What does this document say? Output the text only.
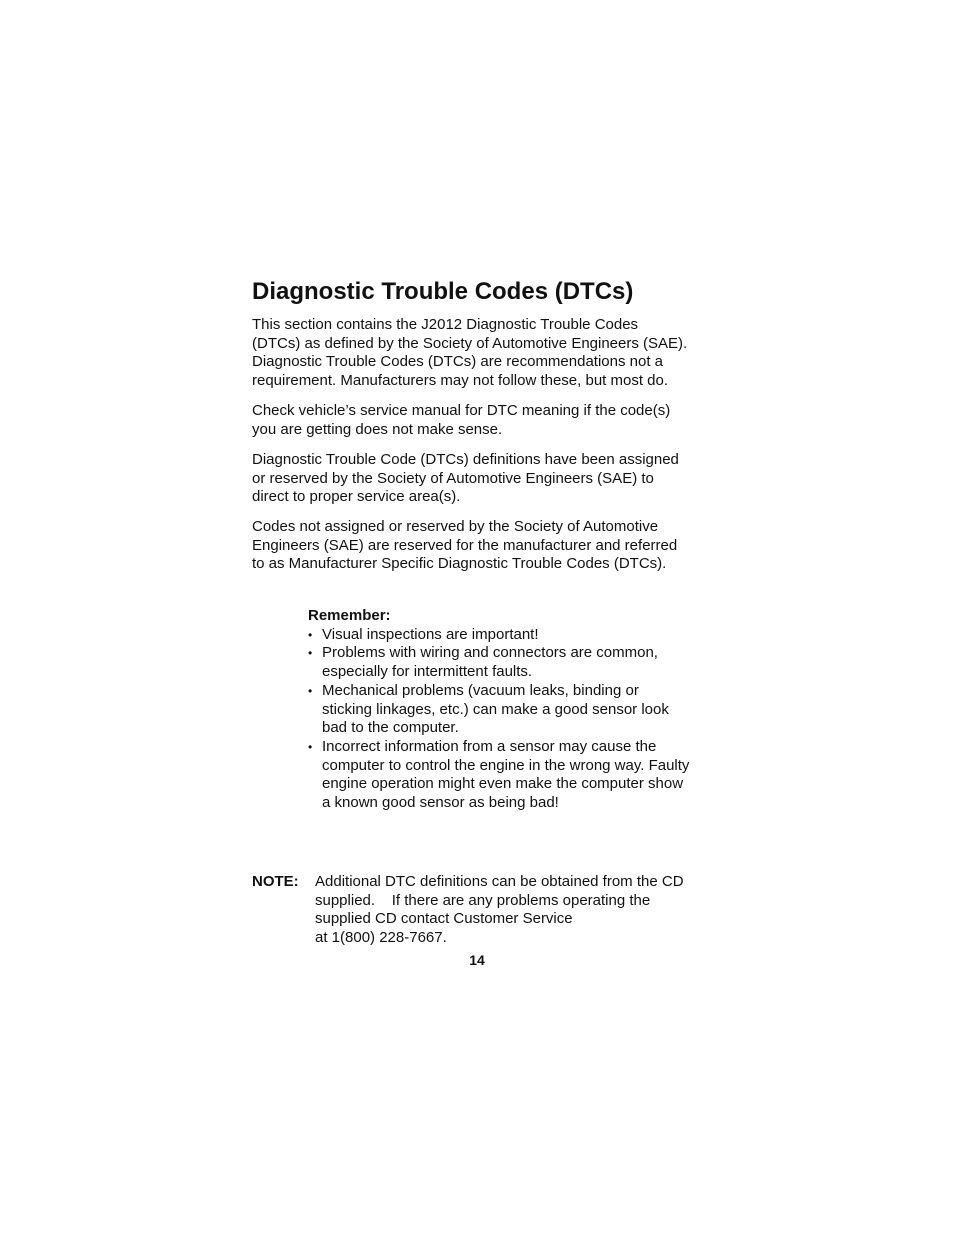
Diagnostic Trouble Codes (DTCs)
This section contains the J2012 Diagnostic Trouble Codes
(DTCs) as defined by the Society of Automotive Engineers (SAE).
Diagnostic Trouble Codes (DTCs) are recommendations not a
requirement. Manufacturers may not follow these, but most do.
Check vehicle’s service manual for DTC meaning if the code(s)
you are getting does not make sense.
Diagnostic Trouble Code (DTCs) definitions have been assigned
or reserved by the Society of Automotive Engineers (SAE) to
direct to proper service area(s).
Codes not assigned or reserved by the Society of Automotive
Engineers (SAE) are reserved for the manufacturer and referred
to as Manufacturer Specific Diagnostic Trouble Codes (DTCs).

Remember:

• Visual inspections are important!
• Problems with wiring and connectors are common,
especially for intermittent faults.
• Mechanical problems (vacuum leaks, binding or
sticking linkages, etc.) can make a good sensor look
bad to the computer.
• Incorrect information from a sensor may cause the
computer to control the engine in the wrong way. Faulty
engine operation might even make the computer show
a known good sensor as being bad!
NOTE: Additional DTC definitions can be obtained from the CD
supplied.    If there are any problems operating the
supplied CD contact Customer Service
at 1(800) 228-7667.
14
